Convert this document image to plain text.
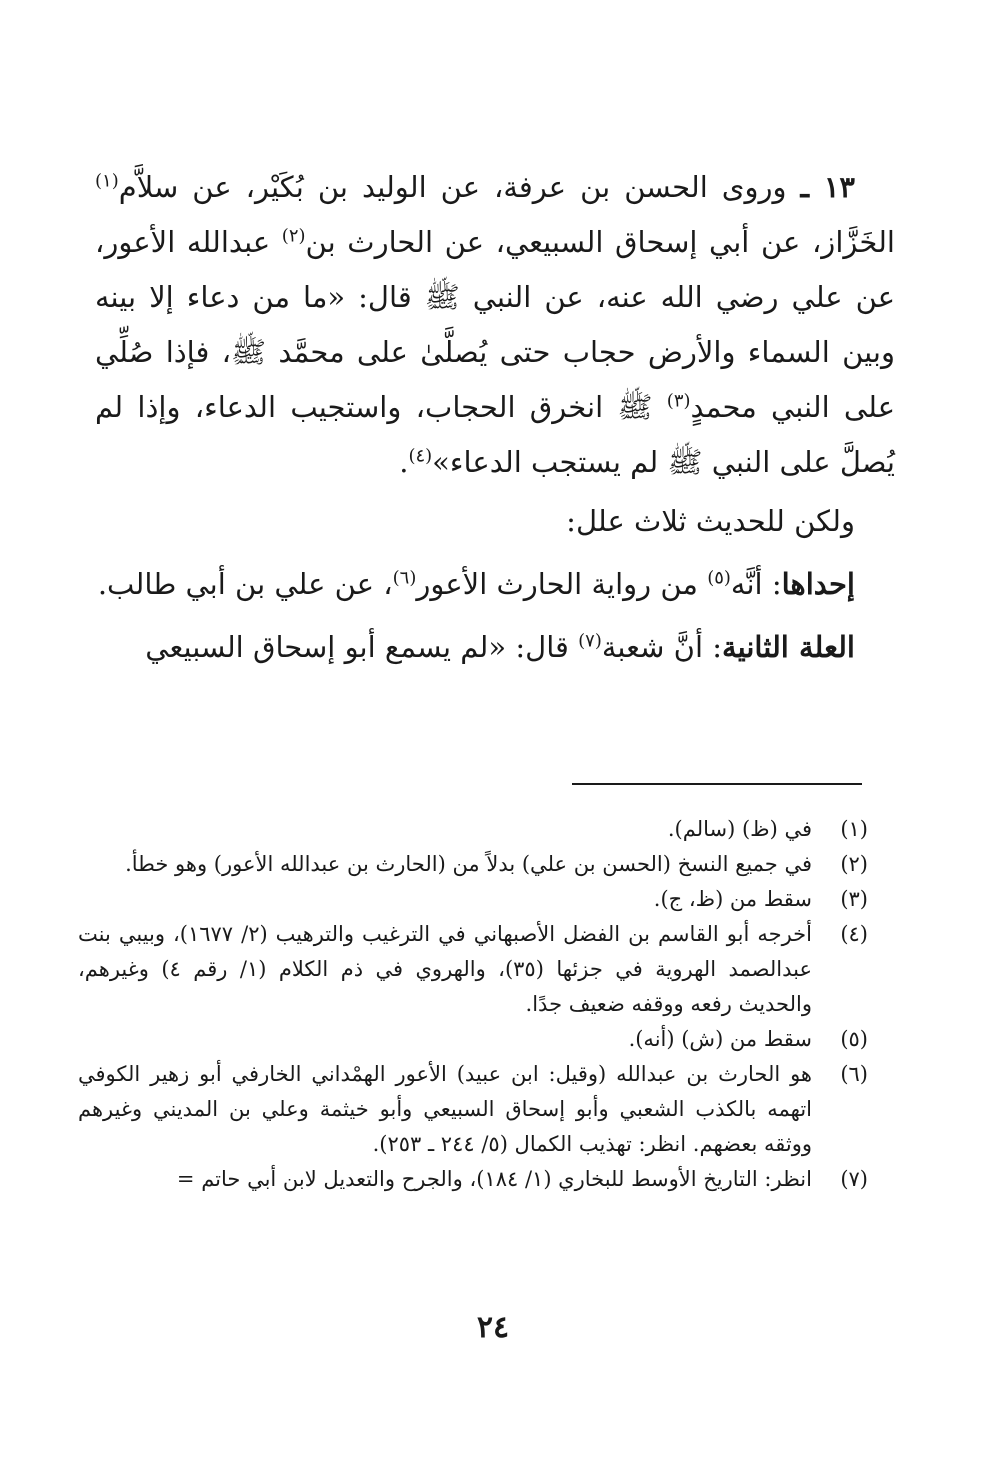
١٣ ـ وروى الحسن بن عرفة، عن الوليد بن بُكَيْر، عن سلاَّم$^{(١)}$ الخَزَّاز، عن أبي إسحاق السبيعي، عن الحارث بن$^{(٢)}$ عبدالله الأعور، عن علي رضي الله عنه، عن النبي ﷺ قال: «ما من دعاء إلا بينه وبين السماء والأرض حجاب حتى يُصلَّىٰ على محمَّد ﷺ، فإذا صُلِّي على النبي محمدٍ$^{(٣)}$ ﷺ انخرق الحجاب، واستجيب الدعاء، وإذا لم يُصلَّ على النبي ﷺ لم يستجب الدعاء»$^{(٤)}$.

ولكن للحديث ثلاث علل:

إحداها: أنَّه$^{(٥)}$ من رواية الحارث الأعور$^{(٦)}$، عن علي بن أبي طالب.

العلة الثانية: أنَّ شعبة$^{(٧)}$ قال: «لم يسمع أبو إسحاق السبيعي

(١)
في (ظ) (سالم).
(٢)
في جميع النسخ (الحسن بن علي) بدلاً من (الحارث بن عبدالله الأعور) وهو خطأ.
(٣)
سقط من (ظ، ج).
(٤)
أخرجه أبو القاسم بن الفضل الأصبهاني في الترغيب والترهيب (٢/ ١٦٧٧)، وبيبي بنت عبدالصمد الهروية في جزئها (٣٥)، والهروي في ذم الكلام (١/ رقم ٤) وغيرهم، والحديث رفعه ووقفه ضعيف جدًا.
(٥)
سقط من (ش) (أنه).
(٦)
هو الحارث بن عبدالله (وقيل: ابن عبيد) الأعور الهمْداني الخارفي أبو زهير الكوفي اتهمه بالكذب الشعبي وأبو إسحاق السبيعي وأبو خيثمة وعلي بن المديني وغيرهم ووثقه بعضهم. انظر: تهذيب الكمال (٥/ ٢٤٤ ـ ٢٥٣).
(٧)
انظر: التاريخ الأوسط للبخاري (١/ ١٨٤)، والجرح والتعديل لابن أبي حاتم =
٢٤
